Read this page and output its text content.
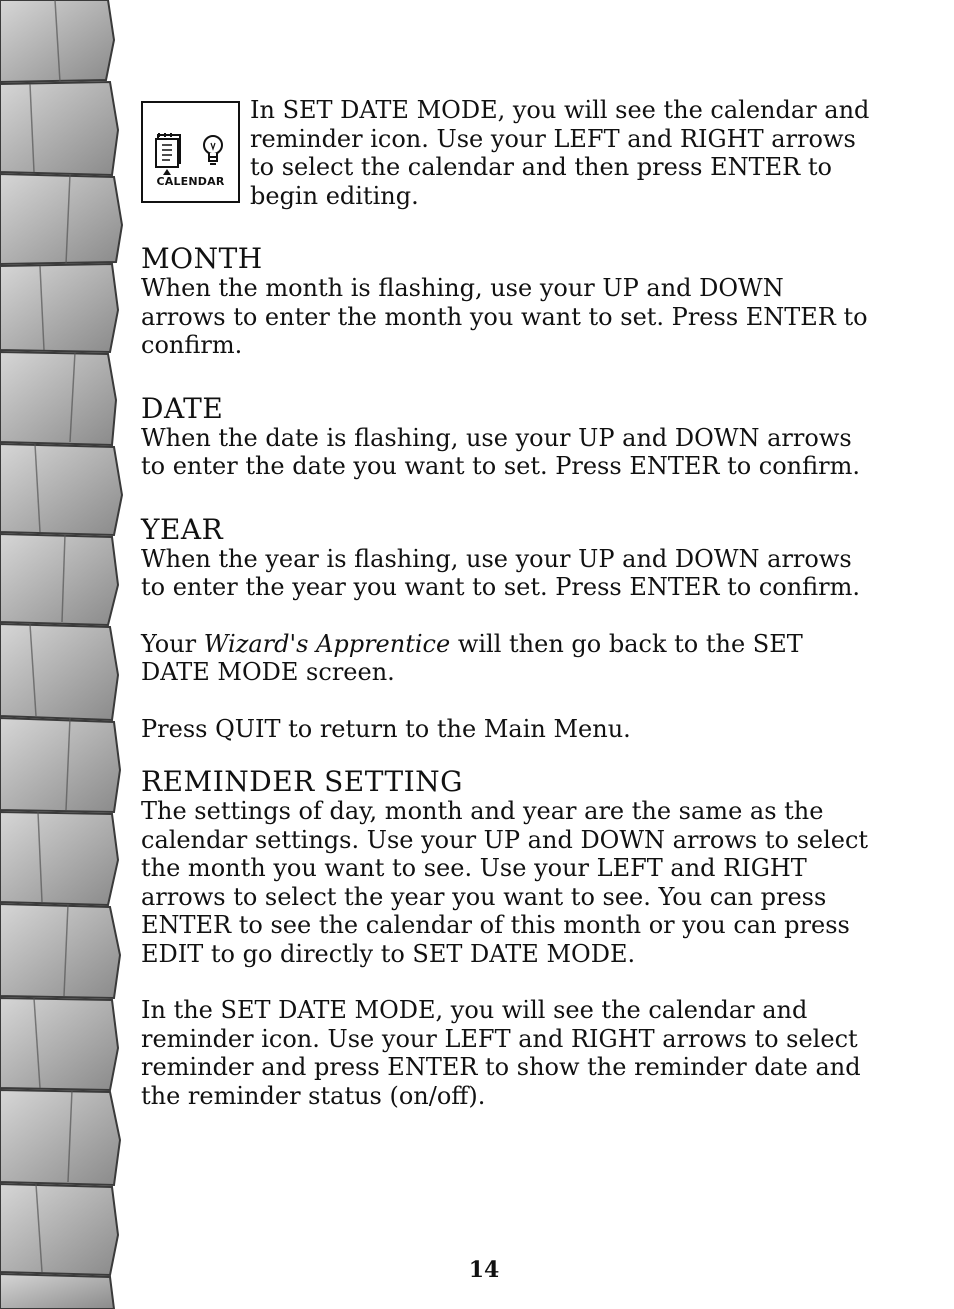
CALENDAR

In SET DATE MODE, you will see the calendar and reminder icon. Use your LEFT and RIGHT arrows to select the calendar and then press ENTER to begin editing.

MONTH

When the month is flashing, use your UP and DOWN arrows to enter the month you want to set. Press ENTER to confirm.

DATE

When the date is flashing, use your UP and DOWN arrows to enter the date you want to set. Press ENTER to confirm.

YEAR

When the year is flashing, use your UP and DOWN arrows to enter the year you want to set. Press ENTER to confirm.

Your Wizard's Apprentice will then go back to the SET DATE MODE screen.

Press QUIT to return to the Main Menu.

REMINDER SETTING

The settings of day, month and year are the same as the calendar settings. Use your UP and DOWN arrows to select the month you want to see. Use your LEFT and RIGHT arrows to select the year you want to see. You can press ENTER to see the calendar of this month or you can press EDIT to go directly to SET DATE MODE.

In the SET DATE MODE, you will see the calendar and reminder icon. Use your LEFT and RIGHT arrows to select reminder and press ENTER to show the reminder date and the reminder status (on/off).

14
